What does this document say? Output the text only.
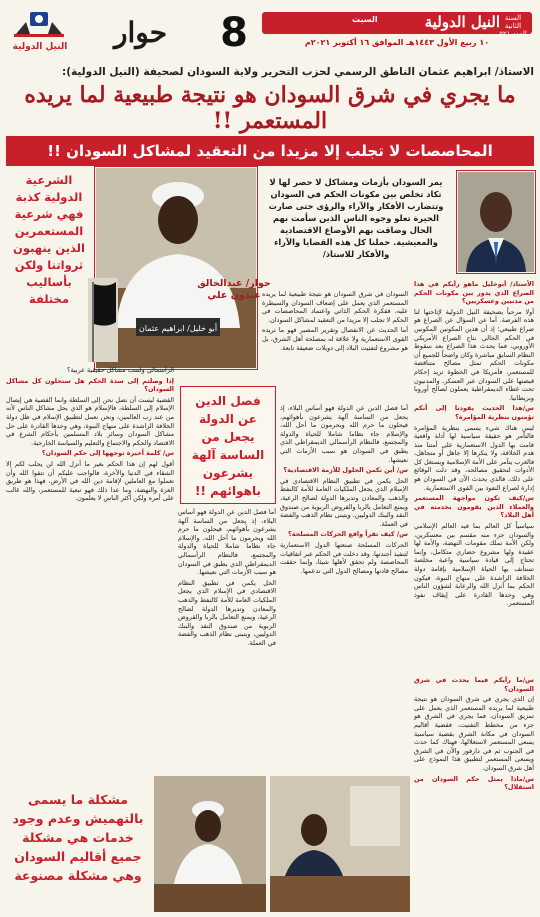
النيل الدولية حوار 8	النيل الدولية السنة الثانية
العدد ٥٢١
السبت
١٠ ربيع الأول ١٤٤٣هـ الموافق ١٦ أكتوبر ٢٠٢١م
الاستاذ/ ابراهيم عثمان الناطق الرسمي لحزب التحرير ولاية السودان لصحيفة (النيل الدولية):
ما يجري في شرق السودان هو نتيجة طبيعية لما يريده المستعمر !!
المحاصصات لا تجلب إلا مزيدا من التعقيد لمشاكل السودان !!
يمر السودان بأزمات ومشاكل لا حصر لها لا تكاد تخلص بين مكونات الحكم في السودان وتتضارب الأفكار والآراء والرؤى حتى صارت الحيرة تعلو وجوه الناس الذين سأمت بهم الحال وضاقت بهم الأوضاع الاقتصادية والمعيشية. حملنا كل هذه القضايا والآراء والأفكار للاستاذ/
أبو خليل/ ابراهيم عثمان
حوار/ عبدالخالق عبدون علي
الشرعية الدولية كذبة فهي شرعية المستعمرين الذين ينهبون ثرواتنا ولكن بأساليب مختلفة

الأستاذ/ أبوخليل ماهو رأيكم في هذا الصراع الذي يدور بين مكونات الحكم من مدنيين وعسكريين؟

أولا مرحباً بصحيفة النيل الدولية لإتاحتها لنا هذه الفرصة. أما عن السؤال عن الصراع هو صراع طبيعي؛ إذ أن هذين المكونين المكونين في الحكم الحالي نتاج الصراع الأمريكي الأوروبي، فما يحدث هذا الصراع بعد سقوط النظام السابق مباشرة وكان واضحاً للجميع أن مكونات الحكم تمثل مصالح متناقضة للمستعمر، فأمريكا في الخطوة تريد إحكام قبضتها على السودان عبر العسكر، والمدنيون تحت غطاء الديمقراطية يعملون لصالح أوروبا وبريطانيا.

س/هذا الحديث يقودنا إلى أنكم تؤمنون بنظرية المؤامرة؟

ليس هناك شيء يسمى بنظرية المؤامرة فالتآمر هو حقيقة سياسية لها أدلة واقعية قامت بها الدول الاستعمارية على أمتنا منذ هدم الخلافة، ولا ينكرها إلا جاهل أو متجاهل، فالغرب يتآمر على الأمة الإسلامية ويستغل كل الأدوات لتحقيق مصالحه، وقد دلت الوقائع على ذلك، فالذي يحدث الآن في السودان هو إدارة لصراع النفوذ بين القوى الاستعمارية.

س/كيف تكون مواجهة المستعمر والعملاء الذين يقومون بخدمته في أهل البلاد؟

سياسياً كل العالم بما فيه العالم الإسلامي والسودان جزء منه مقسم بين معسكرين، ولكن الأمة تملك مقومات النهضة، والأمة لها عقيدة ولها مشروع حضاري متكامل، وإنما تحتاج إلى قيادة سياسية واعية مخلصة تستأنف بها الحياة الإسلامية بإقامة دولة الخلافة الراشدة على منهاج النبوة، فيكون الحكم بما أنزل الله والرعاية لشؤون الناس وهي وحدها القادرة على إيقاف نفوذ المستعمر.

س/ما رأيكم فيما يحدث في شرق السودان؟

إن الذي يجري في شرق السودان هو نتيجة طبيعية لما يريده المستعمر الذي يعمل على تمزيق السودان، فما يجري في الشرق هو جزء من مخطط التفتيت، فقضية أقاليم السودان في مكانة الشرق بقضية سياسية يسعى المستعمر لاستغلالها، فهناك كما حدث في الجنوب ثم في دارفور والآن في الشرق ويسعى المستعمر لتطبيق هذا النموذج على أهل شرق السودان.

س/ماذا يمثل حكم السودان من استقلال؟

السودان في شرق السودان هو نتيجة طبيعية لما يريده المستعمر الذي يعمل على إضعاف السودان والسيطرة عليه، ففكرة الحكم الذاتي واعتماد المحاصصات في الحكم لا تجلب إلا مزيدا من التعقيد لمشاكل السودان.

أما الحديث عن الانفصال وتقرير المصير فهو ما تريده القوى الاستعمارية ولا علاقة له بمصلحة أهل الشرق، بل هو مشروع لتفتيت البلاد إلى دويلات ضعيفة تابعة.

فصل الدين عن الدولة يجعل من الساسة آلهة يشرعون باهوائهم !!

أما فصل الدين عن الدولة فهو أساس البلاء، إذ يجعل من الساسة آلهة يشرعون بأهوائهم، فيحلون ما حرم الله ويحرمون ما أحل الله، والإسلام جاء نظاما شاملا للحياة والدولة والمجتمع، فالنظام الرأسمالي الديمقراطي الذي يطبق في السودان هو سبب الأزمات التي نعيشها.

س/ أين تكمن الحلول للأزمة الاقتصادية؟

الحل يكمن في تطبيق النظام الاقتصادي في الإسلام الذي يجعل الملكيات العامة للأمة كالنفط والذهب والمعادن وتديرها الدولة لصالح الرعية، ويمنع التعامل بالربا والقروض الربوية من صندوق النقد والبنك الدوليين، ويتبنى نظام الذهب والفضة في العملة.

س/ كيف تقرأ واقع الحركات المسلحة؟

الحركات المسلحة صنعتها الدول الاستعمارية لتنفيذ أجندتها، وقد دخلت في الحكم عبر اتفاقيات المحاصصة ولم تحقق لأهلها شيئا، وإنما حققت مصالح قادتها ومصالح الدول التي تدعمها.

الرأسمالي ولست مشاكل حقيقية عربية؟

إذا وصلتم إلى سدة الحكم هل ستحلون كل مشاكل السودان؟

القضية ليست أن نصل نحن إلى السلطة وانما القضية هي إيصال الإسلام إلى السلطة، فالإسلام هو الذي يحل مشاكل الناس لأنه من عند رب العالمين، ونحن نعمل لتطبيق الإسلام في ظل دولة الخلافة الراشدة على منهاج النبوة، وهي وحدها القادرة على حل مشاكل السودان وسائر بلاد المسلمين بأحكام الشرع في الاقتصاد والحكم والاجتماع والتعليم والسياسة الخارجية.

س/ كلمة أخيرة توجهها إلى حكم السودان؟

أقول لهم إن هذا الحكم بغير ما أنزل الله لن يجلب لكم إلا الشقاء في الدنيا والآخرة، فالواجب عليكم أن تتقوا الله وأن تعملوا مع العاملين لإقامة دين الله في الأرض، فهذا هو طريق العزة والنهضة، وما عدا ذلك فهو تبعية للمستعمر، والله غالب على أمره ولكن أكثر الناس لا يعلمون.

أما فصل الدين عن الدولة فهو أساس البلاء، إذ يجعل من الساسة آلهة يشرعون بأهوائهم، فيحلون ما حرم الله ويحرمون ما أحل الله، والإسلام جاء نظاما شاملا للحياة والدولة والمجتمع، فالنظام الرأسمالي الديمقراطي الذي يطبق في السودان هو سبب الأزمات التي نعيشها.

الحل يكمن في تطبيق النظام الاقتصادي في الإسلام الذي يجعل الملكيات العامة للأمة كالنفط والذهب والمعادن وتديرها الدولة لصالح الرعية، ويمنع التعامل بالربا والقروض الربوية من صندوق النقد والبنك الدوليين، ويتبنى نظام الذهب والفضة في العملة.

مشكلة ما يسمى بالتهميش وعدم وجود خدمات هي مشكلة جميع أقاليم السودان وهي مشكلة مصنوعة
